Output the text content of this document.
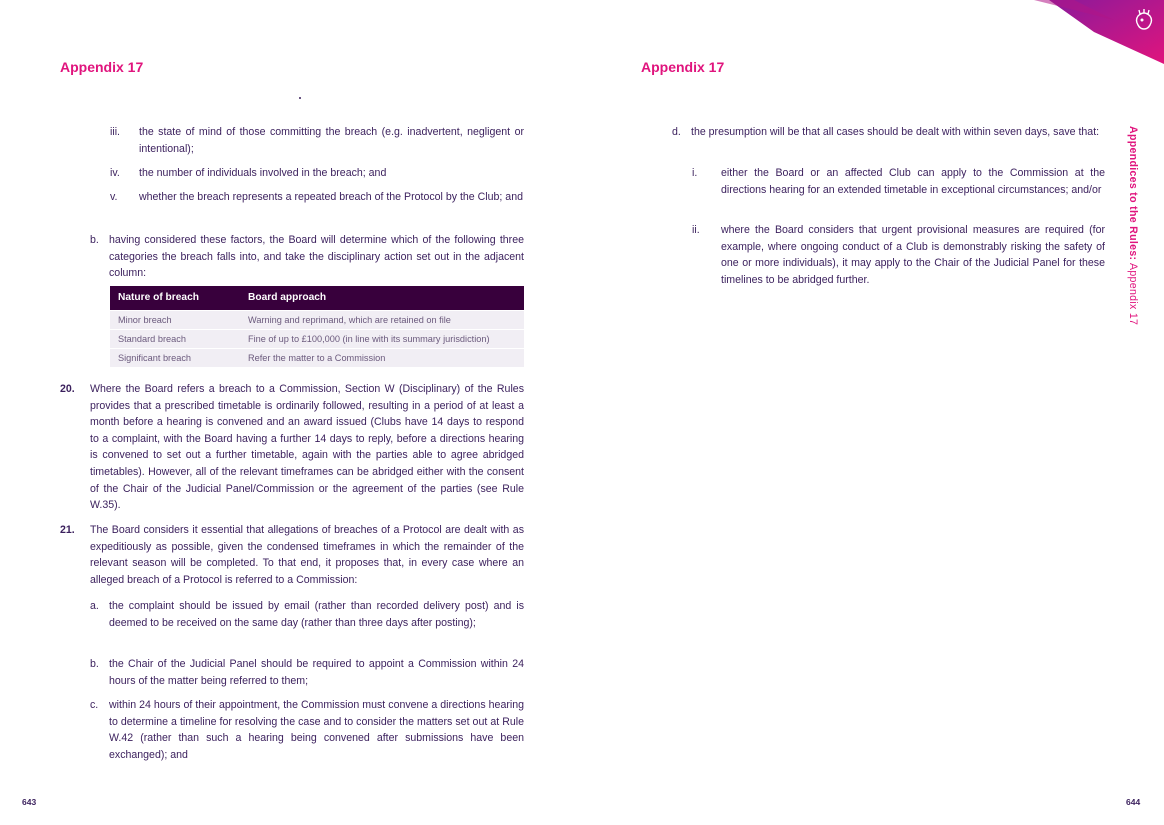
Appendix 17
iii.	the state of mind of those committing the breach (e.g. inadvertent, negligent or intentional);
iv.	the number of individuals involved in the breach; and
v.	whether the breach represents a repeated breach of the Protocol by the Club; and
b. having considered these factors, the Board will determine which of the following three categories the breach falls into, and take the disciplinary action set out in the adjacent column:
Nature of breach	Board approach
Minor breach	Warning and reprimand, which are retained on file
Standard breach	Fine of up to £100,000 (in line with its summary jurisdiction)
Significant breach	Refer the matter to a Commission
20. Where the Board refers a breach to a Commission, Section W (Disciplinary) of the Rules provides that a prescribed timetable is ordinarily followed, resulting in a period of at least a month before a hearing is convened and an award issued (Clubs have 14 days to respond to a complaint, with the Board having a further 14 days to reply, before a directions hearing is convened to set out a further timetable, again with the parties able to agree abridged timetables). However, all of the relevant timeframes can be abridged either with the consent of the Chair of the Judicial Panel/Commission or the agreement of the parties (see Rule W.35).
21. The Board considers it essential that allegations of breaches of a Protocol are dealt with as expeditiously as possible, given the condensed timeframes in which the remainder of the relevant season will be completed. To that end, it proposes that, in every case where an alleged breach of a Protocol is referred to a Commission:
a. the complaint should be issued by email (rather than recorded delivery post) and is deemed to be received on the same day (rather than three days after posting);
b. the Chair of the Judicial Panel should be required to appoint a Commission within 24 hours of the matter being referred to them;
c. within 24 hours of their appointment, the Commission must convene a directions hearing to determine a timeline for resolving the case and to consider the matters set out at Rule W.42 (rather than such a hearing being convened after submissions have been exchanged); and
643
Appendix 17
d. the presumption will be that all cases should be dealt with within seven days, save that:
i. either the Board or an affected Club can apply to the Commission at the directions hearing for an extended timetable in exceptional circumstances; and/or
ii. where the Board considers that urgent provisional measures are required (for example, where ongoing conduct of a Club is demonstrably risking the safety of one or more individuals), it may apply to the Chair of the Judicial Panel for these timelines to be abridged further.
Appendices to the Rules: Appendix 17
644
